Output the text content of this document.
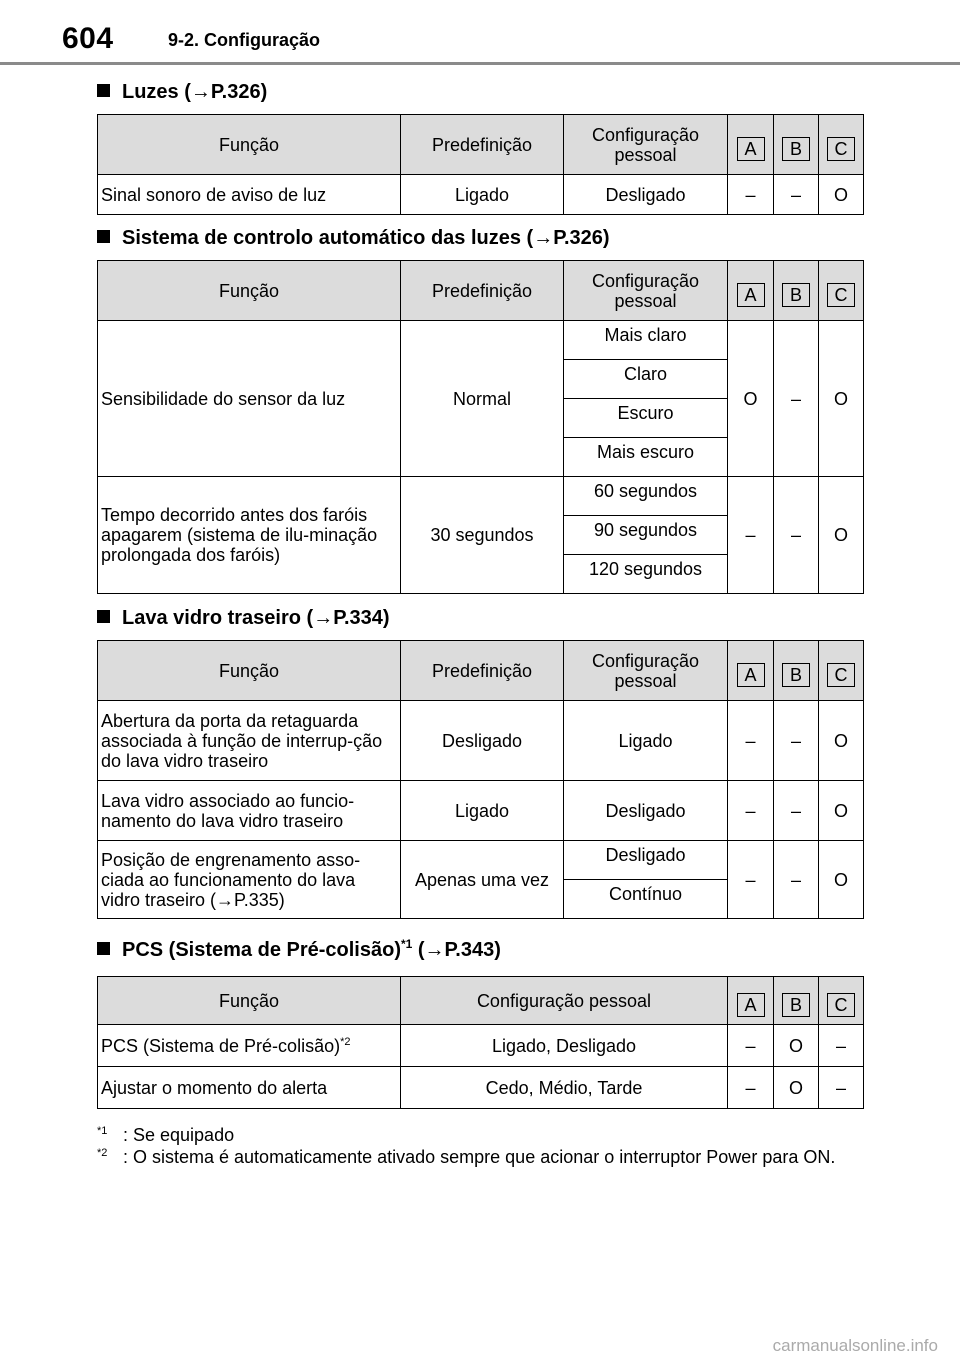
604	9-2. Configuração
Luzes (→P.326)
Função	Predefinição	Configuração pessoal	A	B	C
Sinal sonoro de aviso de luz	Ligado	Desligado	–	–	O
Sistema de controlo automático das luzes (→P.326)
Função	Predefinição	Configuração pessoal	A	B	C
Sensibilidade do sensor da luz	Normal	Mais claro	O	–	O
		Claro			
		Escuro			
		Mais escuro			
Tempo decorrido antes dos faróis apagarem (sistema de ilu-minação prolongada dos faróis)	30 segundos	60 segundos	–	–	O
		90 segundos			
		120 segundos			
Lava vidro traseiro (→P.334)
Função	Predefinição	Configuração pessoal	A	B	C
Abertura da porta da retaguarda associada à função de interrup-ção do lava vidro traseiro	Desligado	Ligado	–	–	O
Lava vidro associado ao funcio-namento do lava vidro traseiro	Ligado	Desligado	–	–	O
Posição de engrenamento asso-ciada ao funcionamento do lava vidro traseiro (→P.335)	Apenas uma vez	Desligado	–	–	O
		Contínuo			
PCS (Sistema de Pré-colisão)$^{*1}$ (→P.343)
Função	Configuração pessoal	A	B	C
PCS (Sistema de Pré-colisão)$^{*2}$	Ligado, Desligado	–	O	–
Ajustar o momento do alerta	Cedo, Médio, Tarde	–	O	–
$^{*1}$ : Se equipado
$^{*2}$ : O sistema é automaticamente ativado sempre que acionar o interruptor Power para ON.
carmanualsonline.info
